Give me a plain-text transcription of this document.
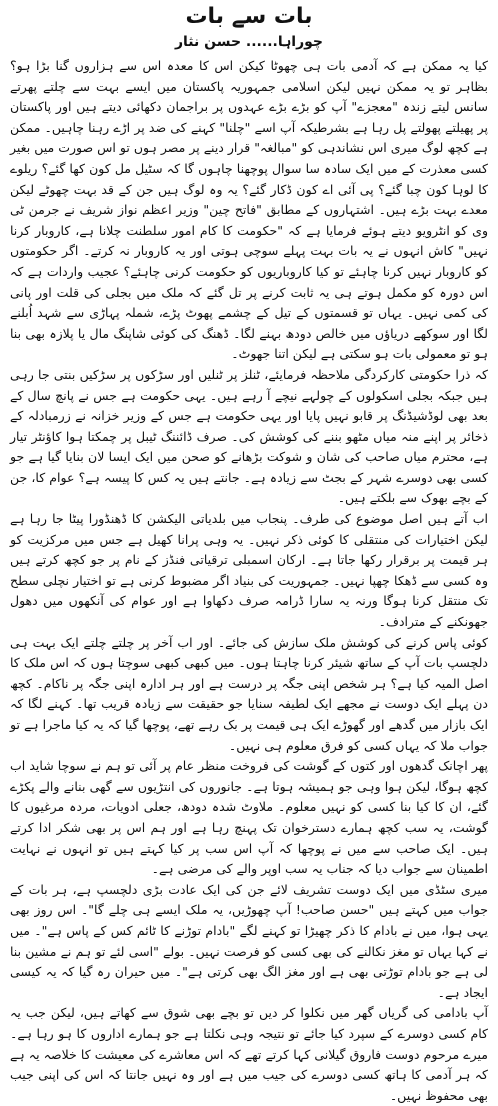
بات سے بات
چوراہا...... حسن نثار

کیا یہ ممکن ہے کہ آدمی بات ہی چھوٹا کیکن اس کا معدہ اس سے ہزاروں گنا بڑا ہو؟ بظاہر تو یہ ممکن نہیں لیکن اسلامی جمہوریہ پاکستان میں ایسے بہت سے چلتے پھرتے سانس لیتے زندہ "معجزے" آپ کو بڑے بڑے عہدوں پر براجمان دکھائی دیتے ہیں اور پاکستان پر پھیلتے پھولتے پل رہا ہے بشرطیکہ آپ اسے "چلنا" کہنے کی ضد پر اڑے رہنا چاہیں۔ ممکن ہے کچھ لوگ میری اس نشاندہی کو "مبالغہ" قرار دینے پر مصر ہوں تو اس صورت میں بغیر کسی معذرت کے میں ایک سادہ سا سوال پوچھنا چاہوں گا کہ سٹیل مل کون کھا گئے؟ ریلوے کا لوہا کون چبا گئے؟ پی آئی اے کون ڈکار گئے؟ یہ وہ لوگ ہیں جن کے قد بہت چھوٹے لیکن معدے بہت بڑے ہیں۔ اشتہاروں کے مطابق "فاتح چین" وزیر اعظم نواز شریف نے جرمن ٹی وی کو انٹرویو دیتے ہوئے فرمایا ہے کہ "حکومت کا کام امور سلطنت چلانا ہے، کاروبار کرنا نہیں" کاش انہوں نے یہ بات بہت پہلے سوچی ہوتی اور یہ کاروبار نہ کرتے۔ اگر حکومتوں کو کاروبار نہیں کرنا چاہئے تو کیا کاروباریوں کو حکومت کرنی چاہئے؟ عجیب واردات ہے کہ اس دورہ کو مکمل ہوتے ہی یہ ثابت کرنے پر تل گئے کہ ملک میں بجلی کی قلت اور پانی کی کمی نہیں۔ یہاں تو قسمتوں کے تیل کے چشمے پھوٹ پڑے، شملہ پہاڑی سے شہد اُبلنے لگا اور سوکھے دریاؤں میں خالص دودھ بہنے لگا۔ ڈھنگ کی کوئی شاپنگ مال یا پلازہ بھی بنا ہو تو معمولی بات ہو سکتی ہے لیکن اتنا جھوٹ۔

کہ ذرا حکومتی کارکردگی ملاحظہ فرمایئے، ٹنلز پر ٹنلیں اور سڑکوں پر سڑکیں بنتی جا رہی ہیں جبکہ بجلی اسکولوں کے چولہے نیچے آ رہے ہیں۔ یہی حکومت ہے جس نے پانچ سال کے بعد بھی لوڈشیڈنگ پر قابو نہیں پایا اور یہی حکومت ہے جس کے وزیر خزانہ نے زرمبادلہ کے ذخائر پر اپنے منہ میاں مٹھو بننے کی کوشش کی۔ صرف ڈائننگ ٹیبل پر چمکتا ہوا کاؤنٹر تیار ہے، محترم میاں صاحب کی شان و شوکت بڑھانے کو صحن میں ایک ایسا لان بنایا گیا ہے جو کسی بھی دوسرے شہر کے بجٹ سے زیادہ ہے۔ جانتے ہیں یہ کس کا پیسہ ہے؟ عوام کا، جن کے بچے بھوک سے بلکتے ہیں۔

اب آتے ہیں اصل موضوع کی طرف۔ پنجاب میں بلدیاتی الیکشن کا ڈھنڈورا پیٹا جا رہا ہے لیکن اختیارات کی منتقلی کا کوئی ذکر نہیں۔ یہ وہی پرانا کھیل ہے جس میں مرکزیت کو ہر قیمت پر برقرار رکھا جاتا ہے۔ ارکان اسمبلی ترقیاتی فنڈز کے نام پر جو کچھ کرتے ہیں وہ کسی سے ڈھکا چھپا نہیں۔ جمہوریت کی بنیاد اگر مضبوط کرنی ہے تو اختیار نچلی سطح تک منتقل کرنا ہوگا ورنہ یہ سارا ڈرامہ صرف دکھاوا ہے اور عوام کی آنکھوں میں دھول جھونکنے کے مترادف۔

کوئی پاس کرنے کی کوشش ملک سازش کی جائے۔ اور اب آخر پر چلتے چلتے ایک بہت ہی دلچسپ بات آپ کے ساتھ شیئر کرنا چاہتا ہوں۔ میں کبھی کبھی سوچتا ہوں کہ اس ملک کا اصل المیہ کیا ہے؟ ہر شخص اپنی جگہ پر درست ہے اور ہر ادارہ اپنی جگہ پر ناکام۔ کچھ دن پہلے ایک دوست نے مجھے ایک لطیفہ سنایا جو حقیقت سے زیادہ قریب تھا۔ کہنے لگا کہ ایک بازار میں گدھے اور گھوڑے ایک ہی قیمت پر بک رہے تھے، پوچھا گیا کہ یہ کیا ماجرا ہے تو جواب ملا کہ یہاں کسی کو فرق معلوم ہی نہیں۔

پھر اچانک گدھوں اور کتوں کے گوشت کی فروخت منظر عام پر آئی تو ہم نے سوچا شاید اب کچھ ہوگا، لیکن ہوا وہی جو ہمیشہ ہوتا ہے۔ جانوروں کی انتڑیوں سے گھی بنانے والے پکڑے گئے، ان کا کیا بنا کسی کو نہیں معلوم۔ ملاوٹ شدہ دودھ، جعلی ادویات، مردہ مرغیوں کا گوشت، یہ سب کچھ ہمارے دسترخوان تک پہنچ رہا ہے اور ہم اس پر بھی شکر ادا کرتے ہیں۔ ایک صاحب سے میں نے پوچھا کہ آپ اس سب پر کیا کہتے ہیں تو انہوں نے نہایت اطمینان سے جواب دیا کہ جناب یہ سب اوپر والے کی مرضی ہے۔

میری سٹڈی میں ایک دوست تشریف لائے جن کی ایک عادت بڑی دلچسپ ہے، ہر بات کے جواب میں کہتے ہیں "حسن صاحب! آپ چھوڑیں، یہ ملک ایسے ہی چلے گا"۔ اس روز بھی یہی ہوا، میں نے بادام کا ذکر چھیڑا تو کہنے لگے "بادام توڑنے کا ٹائم کس کے پاس ہے"۔ میں نے کہا یہاں تو مغز نکالنے کی بھی کسی کو فرصت نہیں۔ بولے "اسی لئے تو ہم نے مشین بنا لی ہے جو بادام توڑتی بھی ہے اور مغز الگ بھی کرتی ہے"۔ میں حیران رہ گیا کہ یہ کیسی ایجاد ہے۔

آپ بادامی کی گریاں گھر میں نکلوا کر دیں تو بچے بھی شوق سے کھاتے ہیں، لیکن جب یہ کام کسی دوسرے کے سپرد کیا جائے تو نتیجہ وہی نکلتا ہے جو ہمارے اداروں کا ہو رہا ہے۔ میرے مرحوم دوست فاروق گیلانی کہا کرتے تھے کہ اس معاشرے کی معیشت کا خلاصہ یہ ہے کہ ہر آدمی کا ہاتھ کسی دوسرے کی جیب میں ہے اور وہ نہیں جانتا کہ اس کی اپنی جیب بھی محفوظ نہیں۔
